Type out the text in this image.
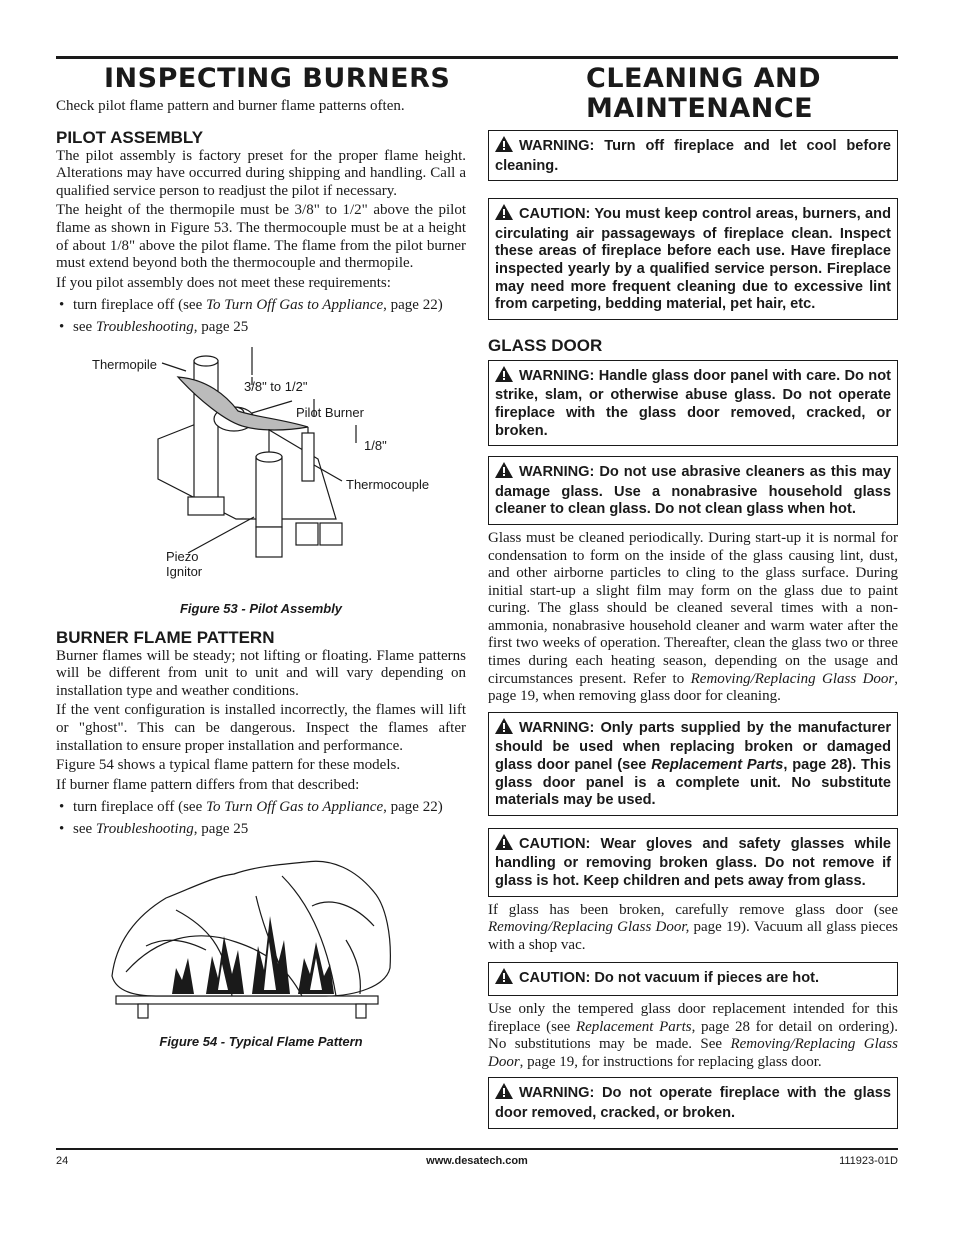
INSPECTING BURNERS

Check pilot flame pattern and burner flame patterns often.

PILOT ASSEMBLY

The pilot assembly is factory preset for the proper flame height. Alterations may have occurred during shipping and handling. Call a qualified service person to readjust the pilot if necessary.

The height of the thermopile must be 3/8" to 1/2" above the pilot flame as shown in Figure 53. The thermocouple must be at a height of about 1/8" above the pilot flame. The flame from the pilot burner must extend beyond both the thermocouple and thermopile.

If you pilot assembly does not meet these requirements:

• turn fireplace off (see To Turn Off Gas to Appliance, page 22)
• see Troubleshooting, page 25
Thermopile
3/8" to 1/2"
Pilot Burner
1/8"
Thermocouple
Piezo
Ignitor
Figure 53 - Pilot Assembly
BURNER FLAME PATTERN

Burner flames will be steady; not lifting or floating. Flame patterns will be different from unit to unit and will vary depending on installation type and weather conditions.

If the vent configuration is installed incorrectly, the flames will lift or "ghost". This can be dangerous. Inspect the flames after installation to ensure proper installation and performance.

Figure 54 shows a typical flame pattern for these models.

If burner flame pattern differs from that described:

• turn fireplace off (see To Turn Off Gas to Appliance, page 22)
• see Troubleshooting, page 25
Figure 54 - Typical Flame Pattern
CLEANING AND
MAINTENANCE
WARNING: Turn off fireplace and let cool before cleaning.
CAUTION: You must keep control areas, burners, and circulating air passageways of fireplace clean. Inspect these areas of fireplace before each use. Have fireplace inspected yearly by a qualified service person. Fireplace may need more frequent cleaning due to excessive lint from carpeting, bedding material, pet hair, etc.
GLASS DOOR
WARNING: Handle glass door panel with care. Do not strike, slam, or otherwise abuse glass. Do not operate fireplace with the glass door removed, cracked, or broken.
WARNING: Do not use abrasive cleaners as this may damage glass. Use a nonabrasive household glass cleaner to clean glass. Do not clean glass when hot.

Glass must be cleaned periodically. During start-up it is normal for condensation to form on the inside of the glass causing lint, dust, and other airborne particles to cling to the glass surface. During initial start-up a slight film may form on the glass due to paint curing. The glass should be cleaned several times with a non-ammonia, nonabrasive household cleaner and warm water after the first two weeks of operation. Thereafter, clean the glass two or three times during each heating season, depending on the usage and circumstances present. Refer to Removing/Replacing Glass Door, page 19, when removing glass door for cleaning.

WARNING: Only parts supplied by the manufacturer should be used when replacing broken or damaged glass door panel (see Replacement Parts, page 28). This glass door panel is a complete unit. No substitute materials may be used.
CAUTION: Wear gloves and safety glasses while handling or removing broken glass. Do not remove if glass is hot. Keep children and pets away from glass.

If glass has been broken, carefully remove glass door (see Removing/Replacing Glass Door, page 19). Vacuum all glass pieces with a shop vac.

CAUTION: Do not vacuum if pieces are hot.

Use only the tempered glass door replacement intended for this fireplace (see Replacement Parts, page 28 for detail on ordering). No substitutions may be made. See Removing/Replacing Glass Door, page 19, for instructions for replacing glass door.

WARNING: Do not operate fireplace with the glass door removed, cracked, or broken.
24	www.desatech.com	111923-01D
